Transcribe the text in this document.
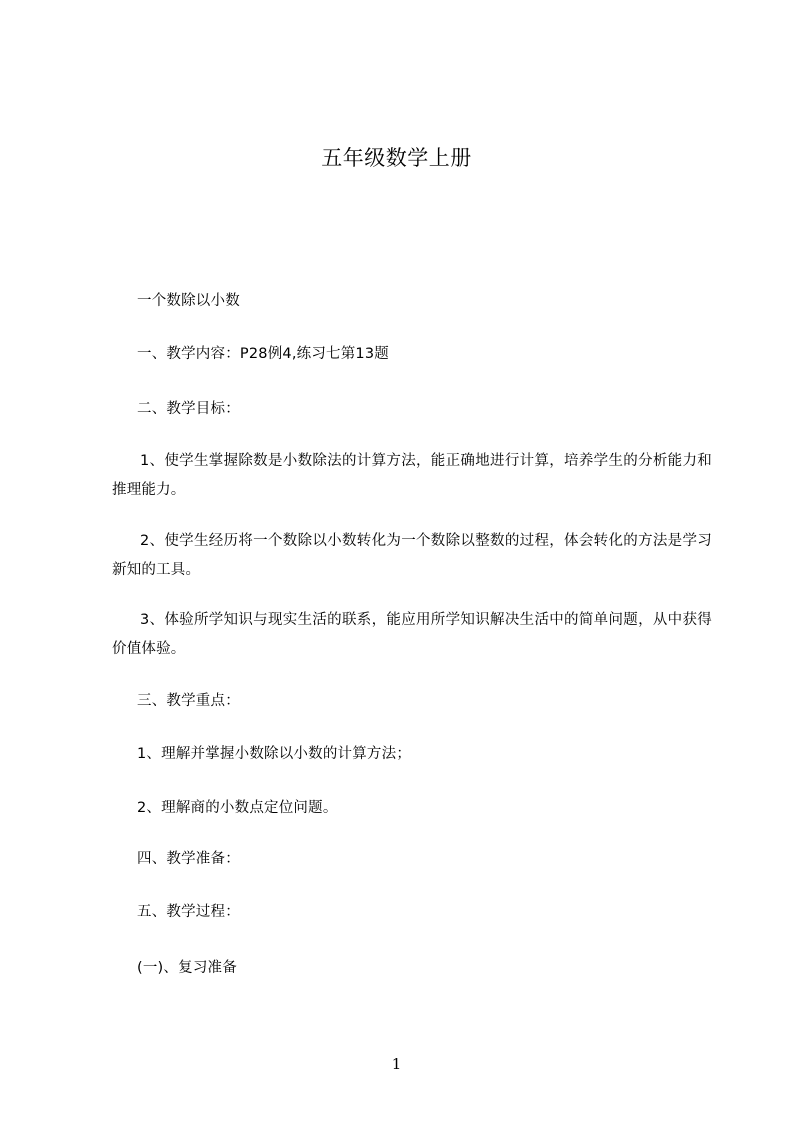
五年级数学上册
一个数除以小数
一、教学内容：P28例4,练习七第13题
二、教学目标：
1、使学生掌握除数是小数除法的计算方法，能正确地进行计算，培养学生的分析能力和推理能力。
2、使学生经历将一个数除以小数转化为一个数除以整数的过程，体会转化的方法是学习新知的工具。
3、体验所学知识与现实生活的联系，能应用所学知识解决生活中的简单问题，从中获得价值体验。
三、教学重点：
1、理解并掌握小数除以小数的计算方法；
2、理解商的小数点定位问题。
四、教学准备：
五、教学过程：
(一)、复习准备
1
